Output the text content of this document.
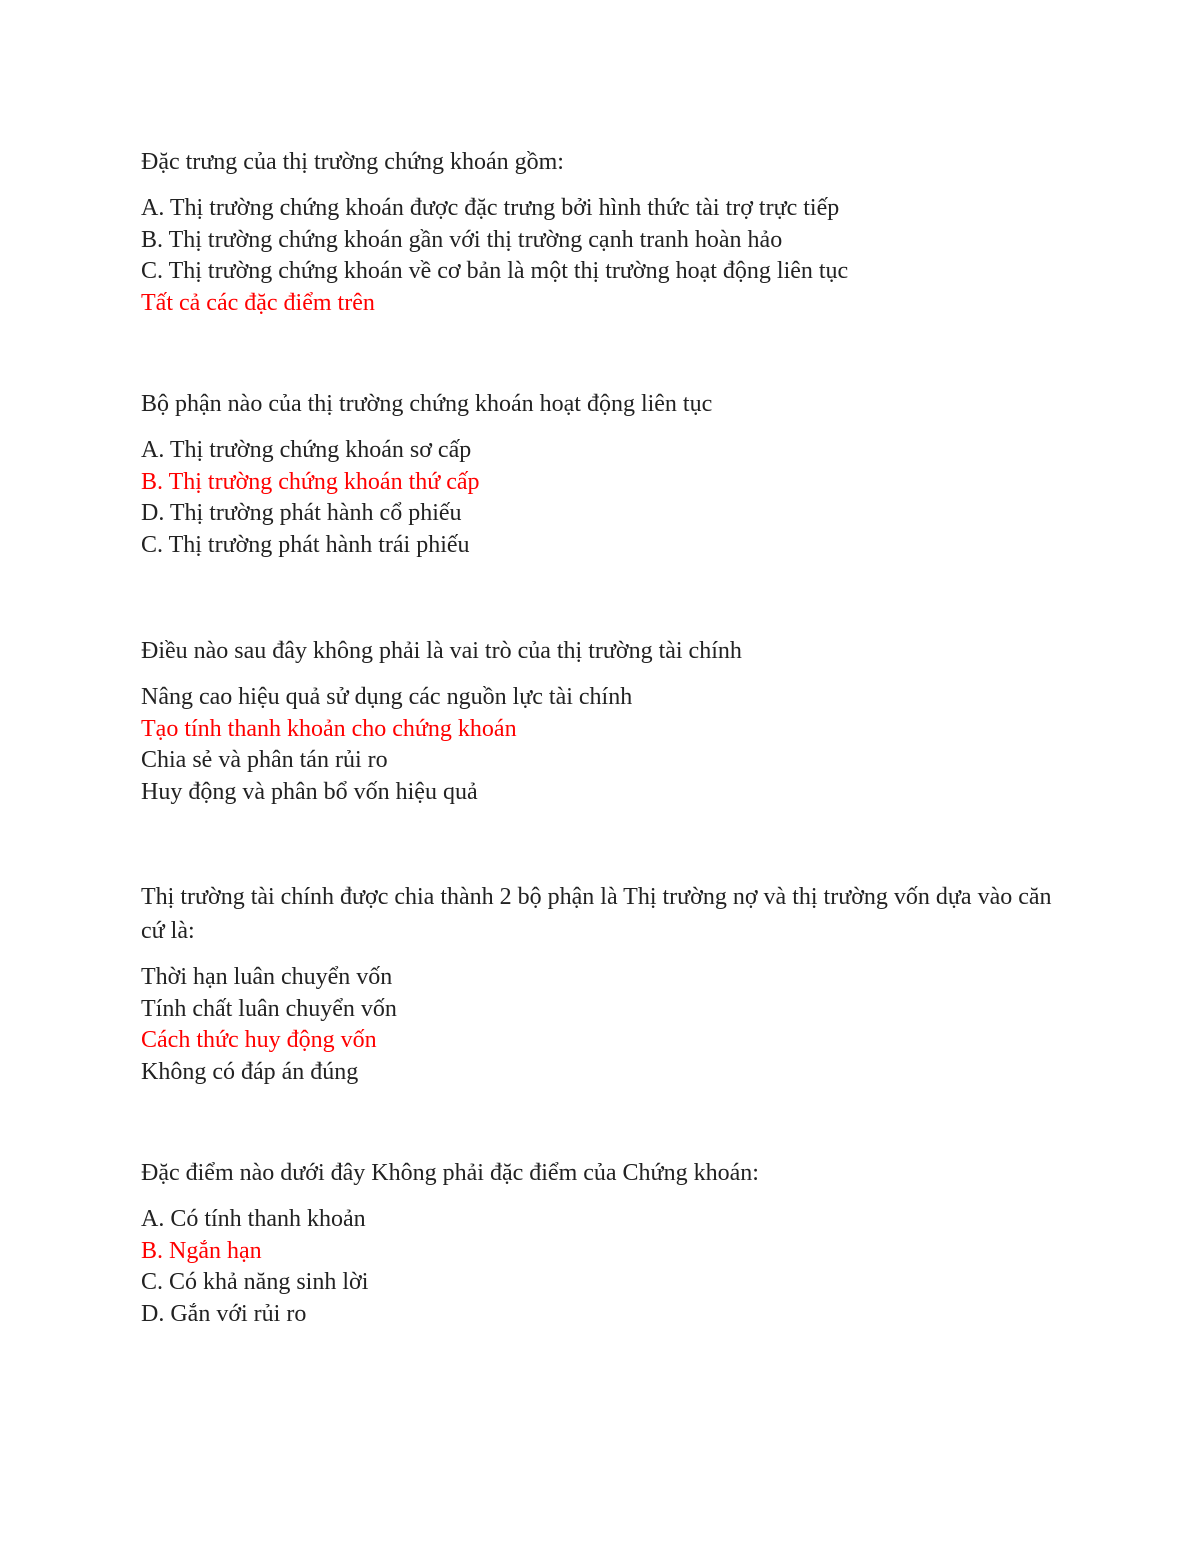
Đặc trưng của thị trường chứng khoán gồm:

A. Thị trường chứng khoán được đặc trưng bởi hình thức tài trợ trực tiếp
B. Thị trường chứng khoán gần với thị trường cạnh tranh hoàn hảo
C. Thị trường chứng khoán về cơ bản là một thị trường hoạt động liên tục
Tất cả các đặc điểm trên

Bộ phận nào của thị trường chứng khoán hoạt động liên tục

A. Thị trường chứng khoán sơ cấp
B. Thị trường chứng khoán thứ cấp
D. Thị trường phát hành cổ phiếu
C. Thị trường phát hành trái phiếu

Điều nào sau đây không phải là vai trò của thị trường tài chính

Nâng cao hiệu quả sử dụng các nguồn lực tài chính
Tạo tính thanh khoản cho chứng khoán
Chia sẻ và phân tán rủi ro
Huy động và phân bổ vốn hiệu quả

Thị trường tài chính được chia thành 2 bộ phận là Thị trường nợ và thị trường vốn dựa vào căn cứ là:

Thời hạn luân chuyển vốn
Tính chất luân chuyển vốn
Cách thức huy động vốn
Không có đáp án đúng

Đặc điểm nào dưới đây Không phải đặc điểm của Chứng khoán:

A. Có tính thanh khoản
B. Ngắn hạn
C. Có khả năng sinh lời
D. Gắn với rủi ro
